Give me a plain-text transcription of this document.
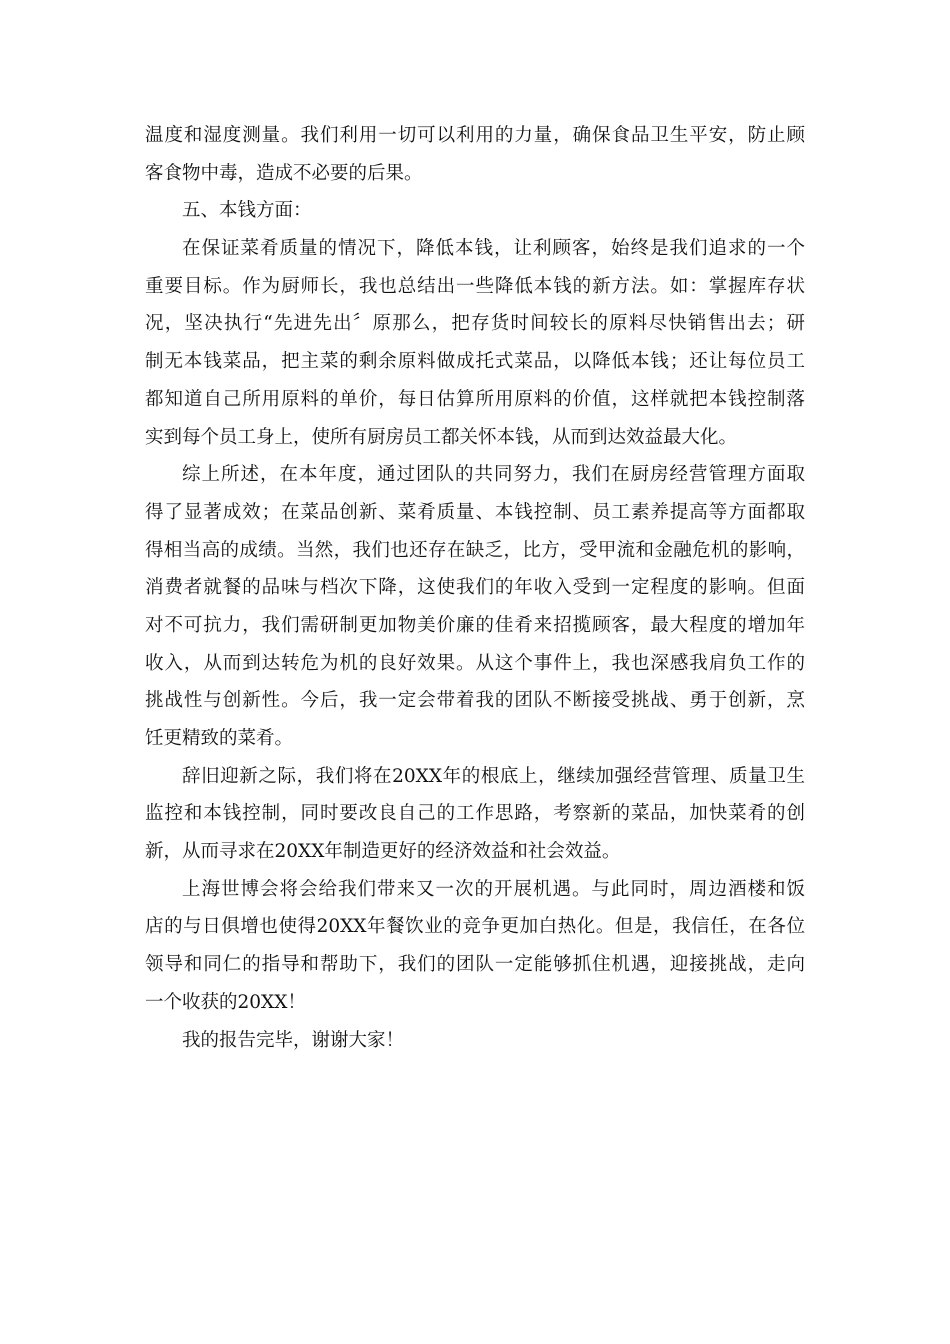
温度和湿度测量。我们利用一切可以利用的力量，确保食品卫生平安，防止顾
客食物中毒，造成不必要的后果。
五、本钱方面：
在保证菜肴质量的情况下，降低本钱，让利顾客，始终是我们追求的一个
重要目标。作为厨师长，我也总结出一些降低本钱的新方法。如：掌握库存状
况，坚决执行“先进先出〞原那么，把存货时间较长的原料尽快销售出去；研
制无本钱菜品，把主菜的剩余原料做成托式菜品，以降低本钱；还让每位员工
都知道自己所用原料的单价，每日估算所用原料的价值，这样就把本钱控制落
实到每个员工身上，使所有厨房员工都关怀本钱，从而到达效益最大化。
综上所述，在本年度，通过团队的共同努力，我们在厨房经营管理方面取
得了显著成效；在菜品创新、菜肴质量、本钱控制、员工素养提高等方面都取
得相当高的成绩。当然，我们也还存在缺乏，比方，受甲流和金融危机的影响，
消费者就餐的品味与档次下降，这使我们的年收入受到一定程度的影响。但面
对不可抗力，我们需研制更加物美价廉的佳肴来招揽顾客，最大程度的增加年
收入，从而到达转危为机的良好效果。从这个事件上，我也深感我肩负工作的
挑战性与创新性。今后，我一定会带着我的团队不断接受挑战、勇于创新，烹
饪更精致的菜肴。
辞旧迎新之际，我们将在20XX年的根底上，继续加强经营管理、质量卫生
监控和本钱控制，同时要改良自己的工作思路，考察新的菜品，加快菜肴的创
新，从而寻求在20XX年制造更好的经济效益和社会效益。
上海世博会将会给我们带来又一次的开展机遇。与此同时，周边酒楼和饭
店的与日俱增也使得20XX年餐饮业的竞争更加白热化。但是，我信任，在各位
领导和同仁的指导和帮助下，我们的团队一定能够抓住机遇，迎接挑战，走向
一个收获的20XX！
我的报告完毕，谢谢大家！
